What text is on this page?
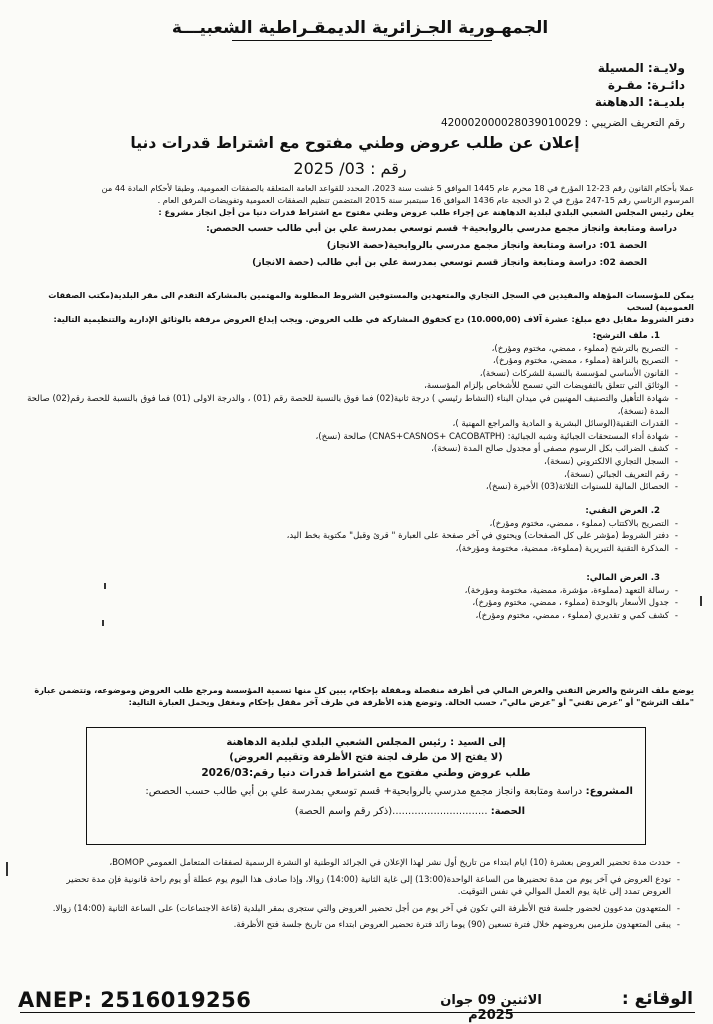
الجمهـورية الجـزائرية الديمقـراطية الشعبيـــة
ولايـة: المسيلة
دائـرة: مقـرة
بلديـة: الدهاهنة
رقم التعريف الضريبي : 420002000028039010029
إعلان عن طلب عروض وطني مفتوح مع اشتراط قدرات دنيا
رقم : 03/ 2025
عملا بأحكام القانون رقم 23-12 المؤرخ في 18 محرم عام 1445 الموافق 5 غشت سنة 2023، المحدد للقواعد العامة المتعلقة بالصفقات العمومية، وطبقا لأحكام المادة 44 من
المرسوم الرئاسي رقم 15-247 مؤرخ في 2 ذو الحجة عام 1436 الموافق 16 سبتمبر سنة 2015 المتضمن تنظيم الصفقات العمومية وتفويضات المرفق العام .
يعلن رئيس المجلس الشعبي البلدي لبلدية الدهاهنة عن إجراء طلب عروض وطني مفتوح مع اشتراط قدرات دنيا من أجل انجاز مشروع :
دراسة ومتابعة وانجاز مجمع مدرسي بالروابحية+ قسم توسعي بمدرسة علي بن أبي طالب حسب الحصص:
الحصة 01: دراسة ومتابعة وانجاز مجمع مدرسي بالروابحية(حصة الانجاز)
الحصة 02: دراسة ومتابعة وانجاز قسم توسعي بمدرسة علي بن أبي طالب (حصة الانجاز)
يمكن للمؤسسات المؤهلة والمقيدين في السجل التجاري والمتعهدين والمستوفين الشروط المطلوبة والمهتمين بالمشاركة التقدم الى مقر البلدية(مكتب الصفقات العمومية) لسحب
دفتر الشروط مقابل دفع مبلغ: عشرة آلاف (10.000,00) دج كحقوق المشاركة في طلب العروض. ويجب إيداع العروض مرفقة بالوثائق الإدارية والتنظيمية التالية:
1. ملف الترشح:
- التصريح بالترشح (مملوء ، ممضي، مختوم ومؤرخ)،
- التصريح بالنزاهة (مملوء ، ممضي، مختوم ومؤرخ)،
- القانون الأساسي لمؤسسة بالنسبة للشركات (نسخة)،
- الوثائق التي تتعلق بالتفويضات التي تسمح للأشخاص بإلزام المؤسسة،
- شهادة التأهيل والتصنيف المهنيين في ميدان البناء (النشاط رئيسي ) درجة ثانية(02) فما فوق بالنسبة للحصة رقم (01) ، والدرجة الاولى (01) فما فوق بالنسبة للحصة رقم(02) صالحة المدة (نسخة)،
- القدرات التقنية(الوسائل البشرية و المادية والمراجع المهنية )،
- شهادة أداء المستحقات الجبائية وشبه الجبائية: (CNAS+CASNOS+ CACOBATPH) صالحة (نسخ)،
- كشف الضرائب بكل الرسوم مصفى أو مجدول صالح المدة (نسخة)،
- السجل التجاري الالكتروني (نسخة)،
- رقم التعريف الجبائي (نسخة)،
- الحصائل المالية للسنوات الثلاثة(03) الأخيرة (نسخ)،
2. العرض التقني:
- التصريح بالاكتتاب (مملوء ، ممضي، مختوم ومؤرخ)،
- دفتر الشروط (مؤشر على كل الصفحات) ويحتوي في آخر صفحة على العبارة " قرئ وقبل" مكتوبة بخط اليد،
- المذكرة التقنية التبريرية (مملوءة، ممضية، مختومة ومؤرخة)،
3. العرض المالي:
- رسالة التعهد (مملوءة، مؤشرة، ممضية، مختومة ومؤرخة)،
- جدول الأسعار بالوحدة (مملوء ، ممضي، مختوم ومؤرخ)،
- كشف كمي و تقديري (مملوء ، ممضي، مختوم ومؤرخ)،
يوضع ملف الترشح والعرض التقني والعرض المالي في أظرفة منفصلة ومقفلة بإحكام، يبين كل منها تسمية المؤسسة ومرجع طلب العروض وموضوعه، وتتضمن عبارة
"ملف الترشح" أو "عرض تقني" أو "عرض مالي"، حسب الحالة. وتوضع هذه الأظرفة في ظرف آخر مقفل بإحكام ومغفل ويحمل العبارة التالية:
إلى السيد : رئيس المجلس الشعبي البلدي لبلدية الدهاهنة
(لا يفتح إلا من طرف لجنة فتح الأظرفة وتقييم العروض)
طلب عروض وطني مفتوح مع اشتراط قدرات دنيا رقم:2026/03
المشروع: دراسة ومتابعة وانجاز مجمع مدرسي بالروابحية+ قسم توسعي بمدرسة علي بن أبي طالب حسب الحصص:
الحصة: ..............................(ذكر رقم واسم الحصة)
- حددت مدة تحضير العروض بعشرة (10) ايام ابتداء من تاريخ أول نشر لهذا الإعلان في الجرائد الوطنية او النشرة الرسمية لصفقات المتعامل العمومي BOMOP،
- تودع العروض في آخر يوم من مدة تحضيرها من الساعة الواحدة(13:00) إلى غاية الثانية (14:00) زوالا، وإذا صادف هذا اليوم يوم عطلة أو يوم راحة قانونية فإن مدة تحضير العروض تمدد إلى غاية يوم العمل الموالي في نفس التوقيت.
- المتعهدون مدعوون لحضور جلسة فتح الأظرفة التي تكون في آخر يوم من أجل تحضير العروض والتي ستجرى بمقر البلدية (قاعة الاجتماعات) على الساعة الثانية (14:00) زوالا.
- يبقى المتعهدون ملزمين بعروضهم خلال فترة تسعين (90) يوما زائد فترة تحضير العروض ابتداء من تاريخ جلسة فتح الأظرفة.
ANEP: 2516019256	الوقائع :
الاثنين 09 جوان 2025م
